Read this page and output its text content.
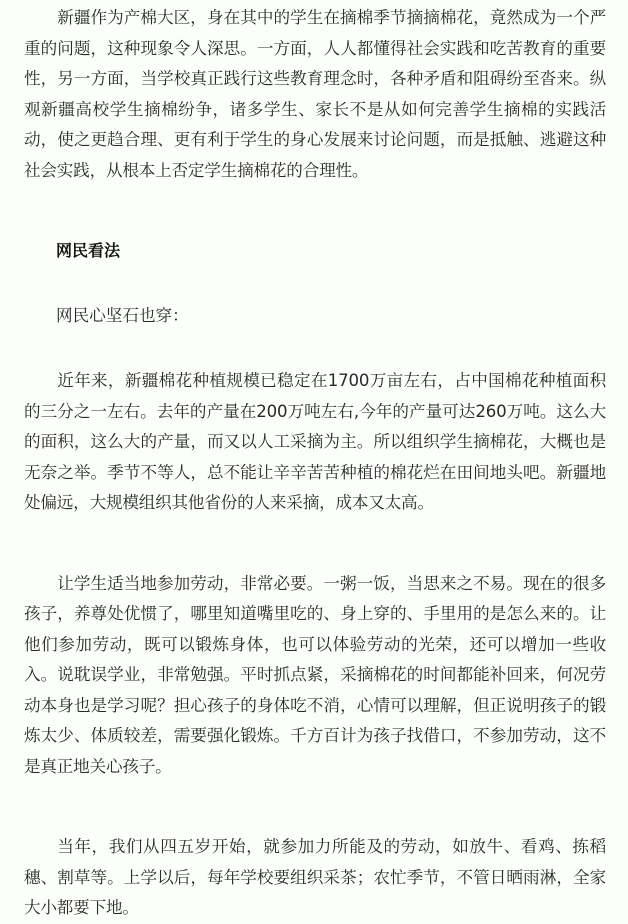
新疆作为产棉大区，身在其中的学生在摘棉季节摘摘棉花，竟然成为一个严重的问题，这种现象令人深思。一方面，人人都懂得社会实践和吃苦教育的重要性，另一方面，当学校真正践行这些教育理念时，各种矛盾和阻碍纷至沓来。纵观新疆高校学生摘棉纷争，诸多学生、家长不是从如何完善学生摘棉的实践活动，使之更趋合理、更有利于学生的身心发展来讨论问题，而是抵触、逃避这种社会实践，从根本上否定学生摘棉花的合理性。

网民看法

网民心坚石也穿：

近年来，新疆棉花种植规模已稳定在1700万亩左右，占中国棉花种植面积的三分之一左右。去年的产量在200万吨左右,今年的产量可达260万吨。这么大的面积，这么大的产量，而又以人工采摘为主。所以组织学生摘棉花，大概也是无奈之举。季节不等人，总不能让辛辛苦苦种植的棉花烂在田间地头吧。新疆地处偏远，大规模组织其他省份的人来采摘，成本又太高。

让学生适当地参加劳动，非常必要。一粥一饭，当思来之不易。现在的很多孩子，养尊处优惯了，哪里知道嘴里吃的、身上穿的、手里用的是怎么来的。让他们参加劳动，既可以锻炼身体，也可以体验劳动的光荣，还可以增加一些收入。说耽误学业，非常勉强。平时抓点紧，采摘棉花的时间都能补回来，何况劳动本身也是学习呢？担心孩子的身体吃不消，心情可以理解，但正说明孩子的锻炼太少、体质较差，需要强化锻炼。千方百计为孩子找借口，不参加劳动，这不是真正地关心孩子。

当年，我们从四五岁开始，就参加力所能及的劳动，如放牛、看鸡、拣稻穗、割草等。上学以后，每年学校要组织采茶；农忙季节，不管日晒雨淋，全家大小都要下地。
